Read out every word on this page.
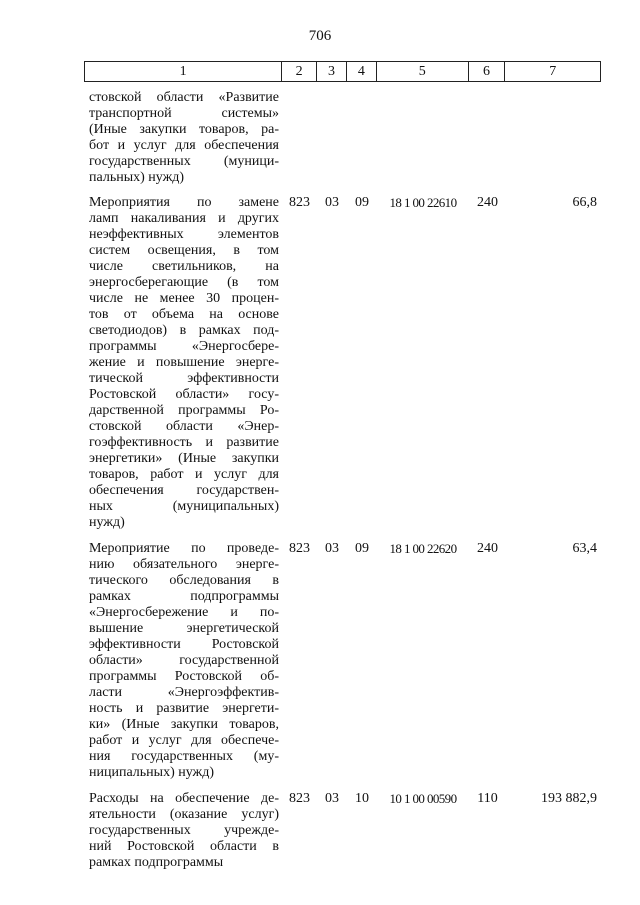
706
1	2	3	4	5	6	7
стовской области «Развитие
транспортной системы»
(Иные закупки товаров, ра-
бот и услуг для обеспечения
государственных (муници-
пальных) нужд)
Мероприятия по замене
ламп накаливания и других
неэффективных элементов
систем освещения, в том
числе светильников, на
энергосберегающие (в том
числе не менее 30 процен-
тов от объема на основе
светодиодов) в рамках под-
программы «Энергосбере-
жение и повышение энерге-
тической эффективности
Ростовской области» госу-
дарственной программы Ро-
стовской области «Энер-
гоэффективность и развитие
энергетики» (Иные закупки
товаров, работ и услуг для
обеспечения государствен-
ных (муниципальных)
нужд)
823	03	09	18 1 00 22610	240	66,8
Мероприятие по проведе-
нию обязательного энерге-
тического обследования в
рамках подпрограммы
«Энергосбережение и по-
вышение энергетической
эффективности Ростовской
области» государственной
программы Ростовской об-
ласти «Энергоэффектив-
ность и развитие энергети-
ки» (Иные закупки товаров,
работ и услуг для обеспече-
ния государственных (му-
ниципальных) нужд)
823	03	09	18 1 00 22620	240	63,4
Расходы на обеспечение де-
ятельности (оказание услуг)
государственных учрежде-
ний Ростовской области в
рамках подпрограммы
823	03	10	10 1 00 00590	110	193 882,9
